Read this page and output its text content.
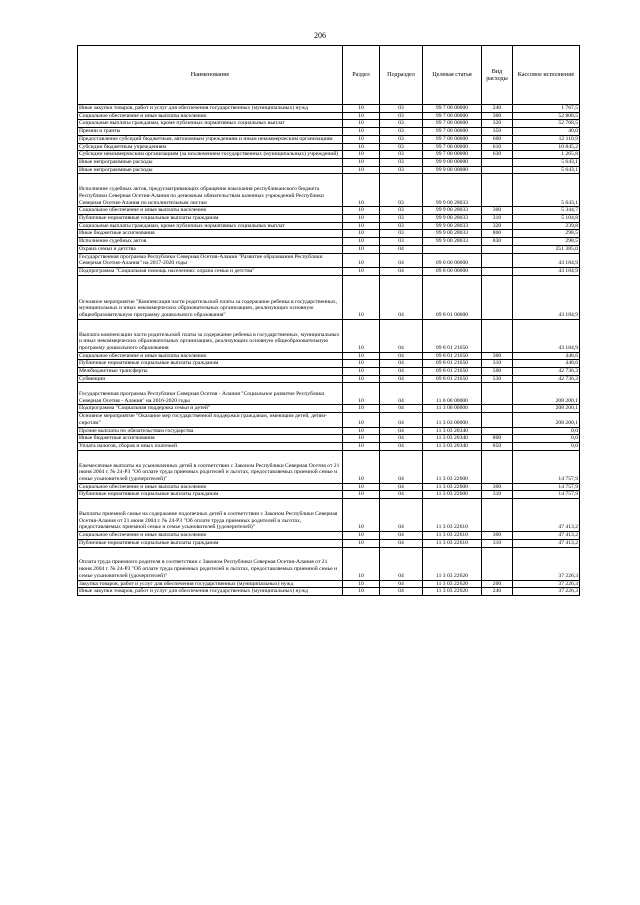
206
Наименование	Раздел	Подраздел	Целевая статья	Вид расходы	Кассовое исполнение
Иные закупки товаров, работ и услуг для обеспечения государственных (муниципальных) нужд	10	03	99 7 00 00000	240	1 767,5
Социальное обеспечение и иные выплаты населению	10	03	99 7 00 00000	300	52 808,5
Социальные выплаты гражданам, кроме публичных нормативных социальных выплат	10	03	99 7 00 00000	320	52 768,5
Премии и гранты	10	03	99 7 00 00000	350	40,0
Предоставление субсидий бюджетным, автономным учреждениям и иным некоммерческим организациям	10	03	99 7 00 00000	600	12 110,9
Субсидии бюджетным учреждениям	10	03	99 7 00 00000	610	10 845,2
Субсидии некоммерческим организациям (за исключением государственных (муниципальных) учреждений)	10	03	99 7 00 00000	630	1 265,8
Иные непрограммные расходы	10	03	99 9 00 00000		5 643,1
Иные непрограммные расходы	10	03	99 9 00 00000		5 643,1
Исполнение судебных актов, предусматривающих обращение взыскания республиканского бюджета Республики Северная Осетия-Алания по денежным обязательствам казенных учреждений Республики Северная Осетия-Алания по исполнительным листам	10	03	99 9 00 28033		5 643,1
Социальное обеспечение и иные выплаты населению	10	03	99 9 00 28033	300	5 344,7
Публичные нормативные социальные выплаты гражданам	10	03	99 9 00 28033	310	5 104,8
Социальные выплаты гражданам, кроме публичных нормативных социальных выплат	10	03	99 9 00 28033	320	239,8
Иные бюджетные ассигнования	10	03	99 9 00 28033	800	298,5
Исполнение судебных актов	10	03	99 9 00 28033	830	298,5
Охрана семьи и детства	10	04			251 385,0
Государственная программа Республики Северная Осетия-Алания "Развитие образования Республики Северная Осетия-Алания" на 2017-2020 годы	10	04	09 0 00 00000		43 184,9
Подпрограмма "Социальная помощь населению: охрана семьи и детства"	10	04	09 8 00 00000		43 184,9
Основное мероприятие "Компенсация части родительской платы за содержание ребенка в государственных, муниципальных и иных некоммерческих образовательных организациях, реализующих основную общеобразовательную программу дошкольного образования"	10	04	09 8 01 00000		43 184,9
Выплата компенсации части родительской платы за содержание ребенка в государственных, муниципальных и иных некоммерческих образовательных организациях, реализующих основную общеобразовательную программу дошкольного образования	10	04	09 8 01 21650		43 184,9
Социальное обеспечение и иные выплаты населению	10	04	09 8 01 21650	300	448,6
Публичные нормативные социальные выплаты гражданам	10	04	09 8 01 21650	310	448,6
Межбюджетные трансферты	10	04	09 8 01 21650	500	42 736,3
Субвенции	10	04	09 8 01 21650	530	42 736,3
Государственная программа Республики Северная Осетия - Алания "Социальное развитие Республики Северная Осетия - Алания" на 2016-2020 годы	10	04	11 0 00 00000		208 200,1
Подпрограмма "Социальная поддержка семьи и детей"	10	04	11 3 00 00000		208 200,1
Основное мероприятие "Оказание мер государственной поддержки гражданам, имеющим детей, детям-сиротам"	10	04	11 3 03 00000		208 200,1
Прочие выплаты по обязательствам государства	10	04	11 3 03 20340		0,0
Иные бюджетные ассигнования	10	04	11 3 03 20340	800	0,0
Уплата налогов, сборов и иных платежей	10	04	11 3 03 20340	850	0,0
Ежемесячные выплаты на усыновленных детей в соответствии с Законом Республики Северная Осетия от 21 июня 2004 г. № 24-РЗ "Об оплате труда приемных родителей и льготах, предоставляемых приемной семье и семье усыновителей (удочерителей)"	10	04	11 3 03 22600		14 757,9
Социальное обеспечение и иные выплаты населению	10	04	11 3 03 22600	300	14 757,9
Публичные нормативные социальные выплаты гражданам	10	04	11 3 03 22600	310	14 757,9
Выплаты приемной семье на содержание подопечных детей в соответствии с Законом Республики Северная Осетия-Алания от 21 июня 2004 г. № 24-РЗ "Об оплате труда приемных родителей и льготах, предоставляемых приемной семье и семье усыновителей (удочерителей)"	10	04	11 3 03 22610		47 413,2
Социальное обеспечение и иные выплаты населению	10	04	11 3 03 22610	300	47 413,2
Публичные нормативные социальные выплаты гражданам	10	04	11 3 03 22610	310	47 413,2
Оплата труда приемного родителя в соответствии с Законом Республики Северная Осетия-Алания от 21 июня 2004 г. № 24-РЗ "Об оплате труда приемных родителей и льготах, предоставляемых приемной семье и семье усыновителей (удочерителей)"	10	04	11 3 03 22620		37 226,3
Закупка товаров, работ и услуг для обеспечения государственных (муниципальных) нужд	10	04	11 3 03 22620	200	37 226,3
Иные закупки товаров, работ и услуг для обеспечения государственных (муниципальных) нужд	10	04	11 3 03 22620	240	37 226,3
